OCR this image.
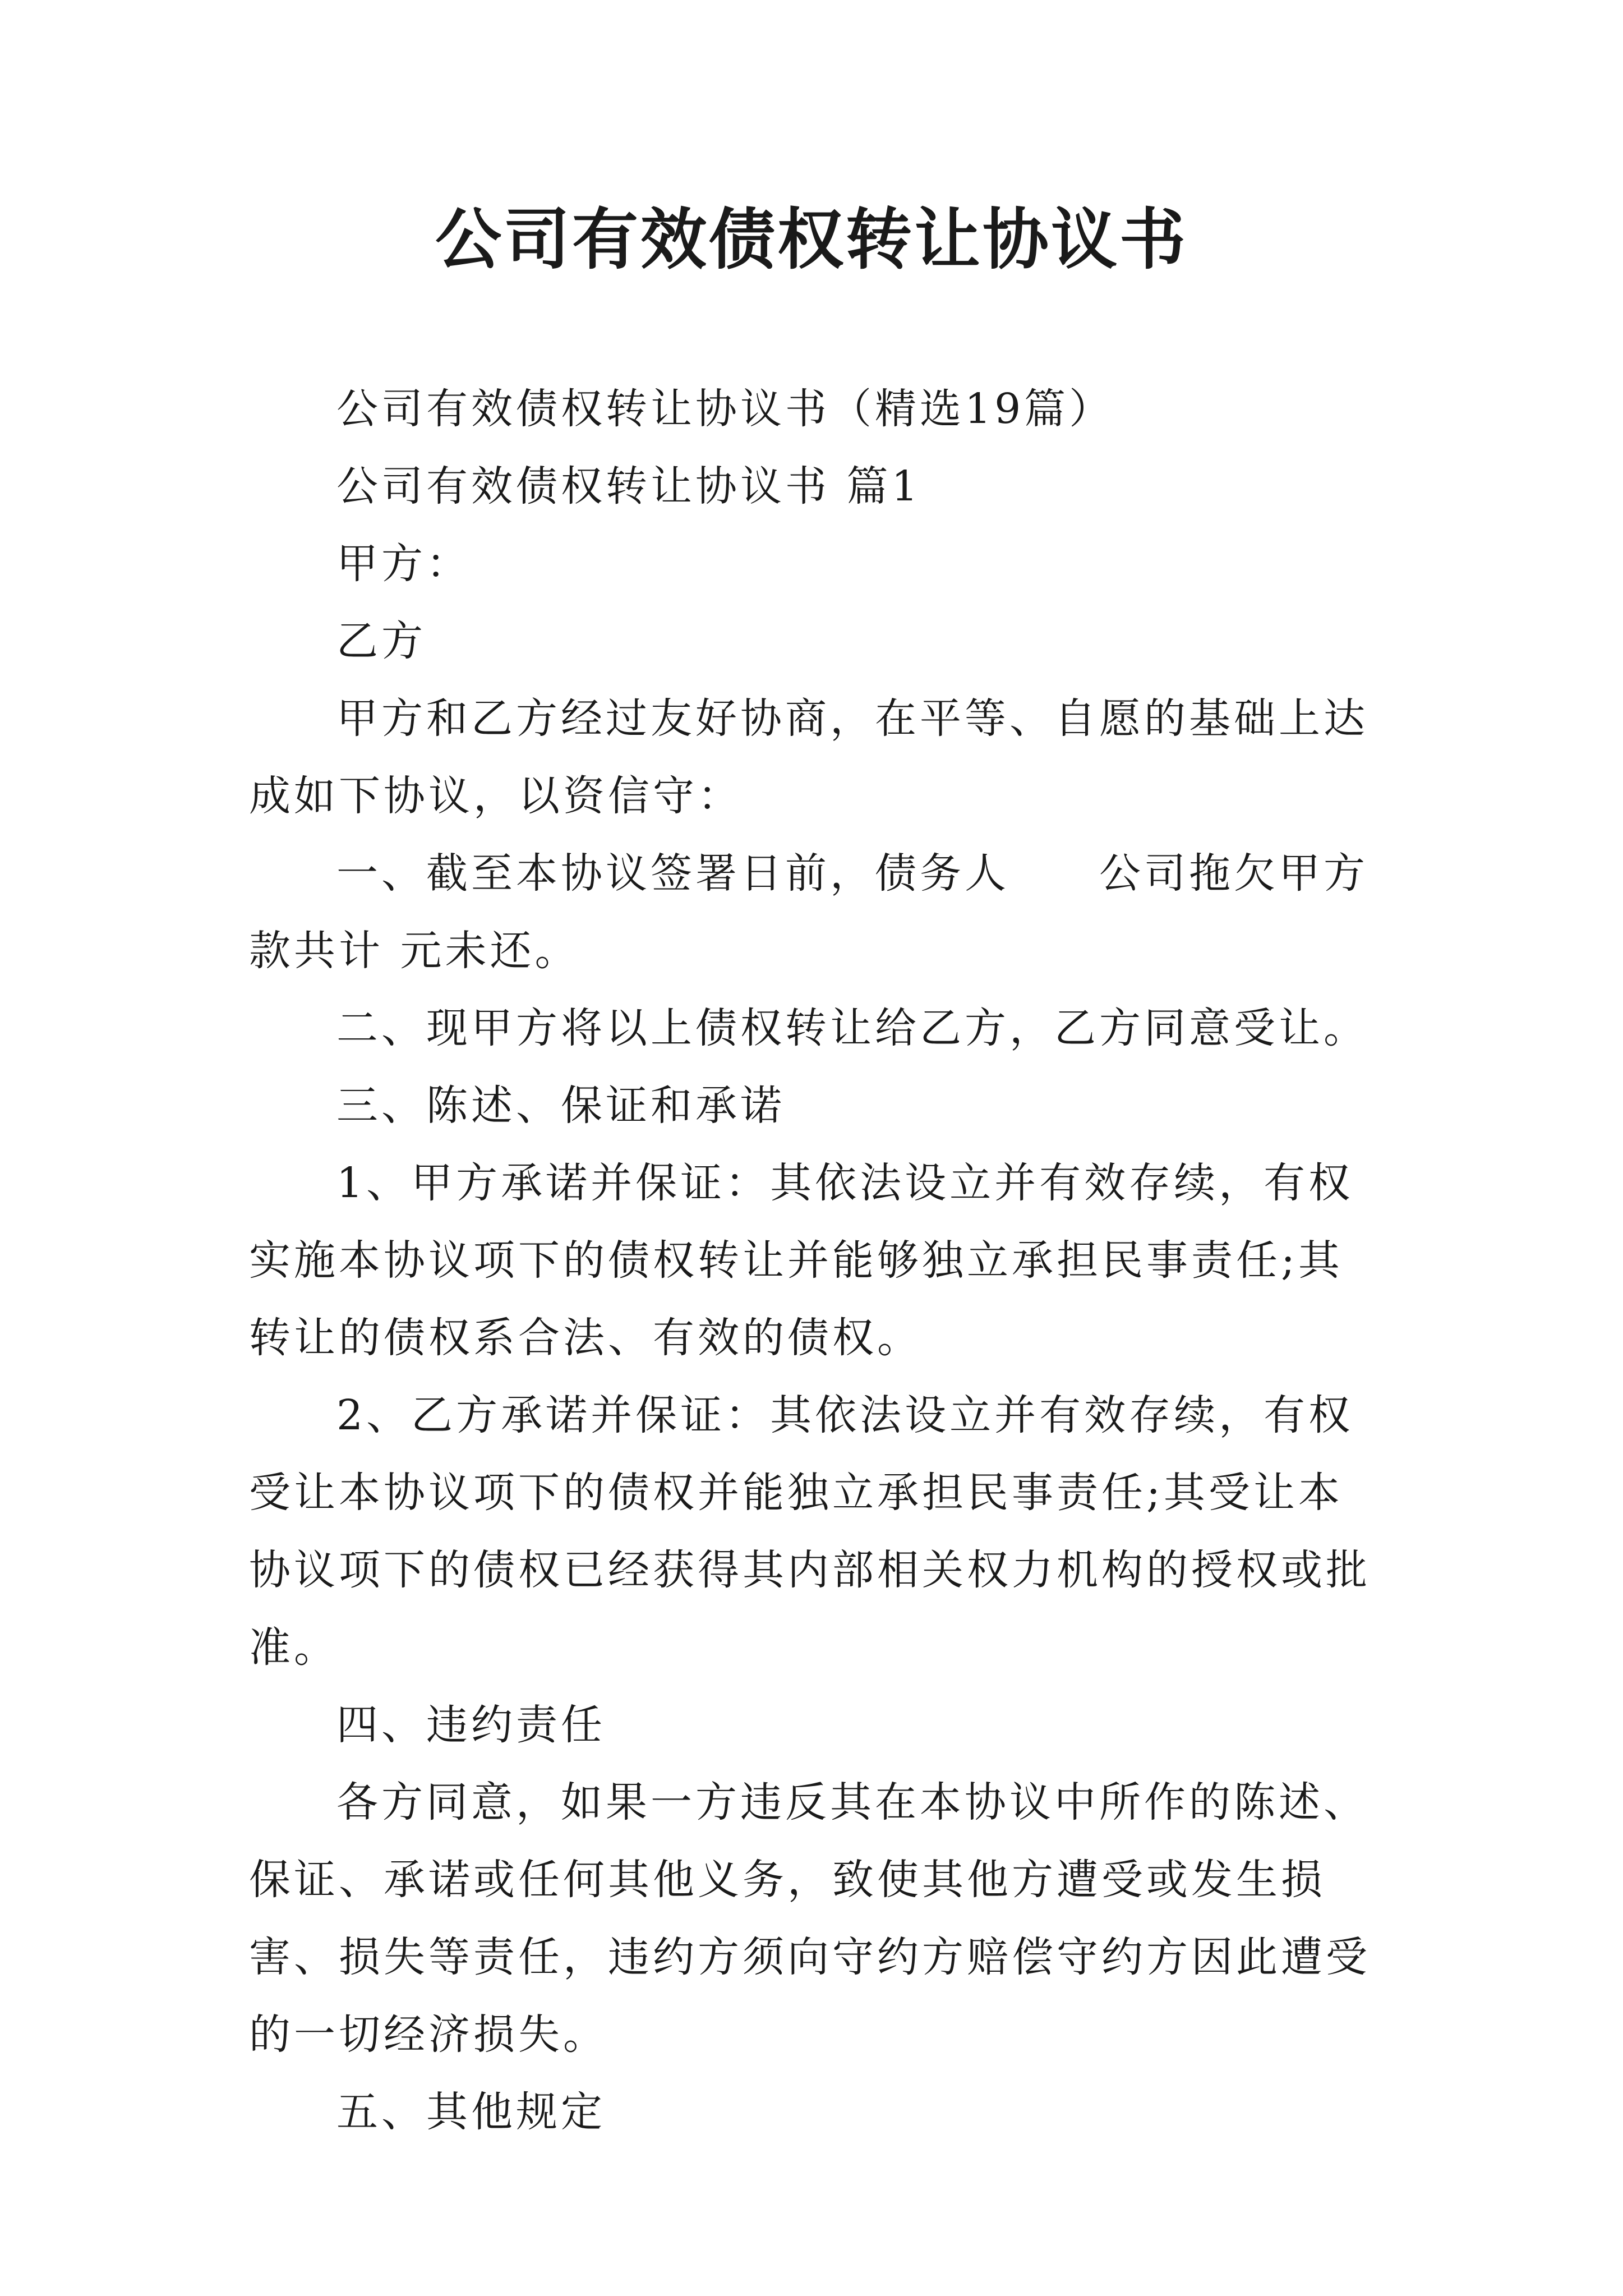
公司有效债权转让协议书

公司有效债权转让协议书（精选19篇）

公司有效债权转让协议书 篇1

甲方：

乙方

甲方和乙方经过友好协商，在平等、自愿的基础上达成如下协议，以资信守：

一、截至本协议签署日前，债务人　　公司拖欠甲方 款共计 元未还。

二、现甲方将以上债权转让给乙方，乙方同意受让。

三、陈述、保证和承诺

1、甲方承诺并保证：其依法设立并有效存续，有权实施本协议项下的债权转让并能够独立承担民事责任;其转让的债权系合法、有效的债权。

2、乙方承诺并保证：其依法设立并有效存续，有权受让本协议项下的债权并能独立承担民事责任;其受让本协议项下的债权已经获得其内部相关权力机构的授权或批准。

四、违约责任

各方同意，如果一方违反其在本协议中所作的陈述、保证、承诺或任何其他义务，致使其他方遭受或发生损害、损失等责任，违约方须向守约方赔偿守约方因此遭受的一切经济损失。

五、其他规定
